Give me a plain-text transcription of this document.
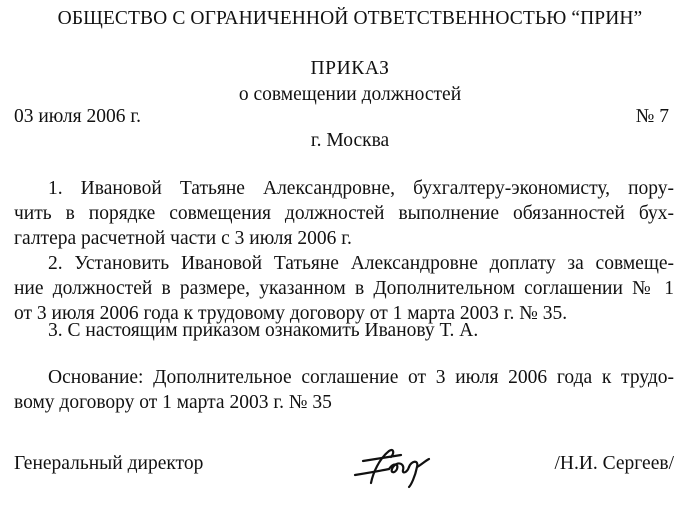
ОБЩЕСТВО С ОГРАНИЧЕННОЙ ОТВЕТСТВЕННОСТЬЮ “ПРИН”
ПРИКАЗ
о совмещении должностей
03 июля 2006 г.	№ 7
г. Москва

1. Ивановой Татьяне Александровне, бухгалтеру-экономисту, пору-
чить в порядке совмещения должностей выполнение обязанностей бух-
галтера расчетной части с 3 июля 2006 г.

2. Установить Ивановой Татьяне Александровне доплату за совмеще-
ние должностей в размере, указанном в Дополнительном соглашении № 1
от 3 июля 2006 года к трудовому договору от 1 марта 2003 г. № 35.

3. С настоящим приказом ознакомить Иванову Т. А.

Основание: Дополнительное соглашение от 3 июля 2006 года к трудо-
вому договору от 1 марта 2003 г. № 35

Генеральный директор	/Н.И. Сергеев/
